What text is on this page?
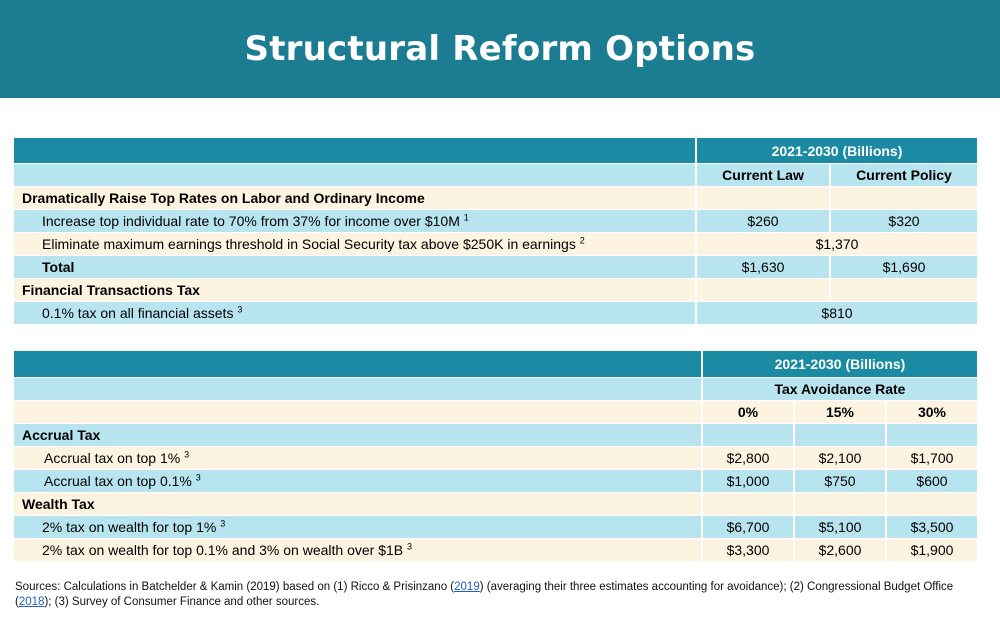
Structural Reform Options
	2021-2030 (Billions)	
	Current Law	Current Policy
Dramatically Raise Top Rates on Labor and Ordinary Income		
Increase top individual rate to 70% from 37% for income over $10M $^1$	$260	$320
Eliminate maximum earnings threshold in Social Security tax above $250K in earnings $^2$	$1,370	
Total	$1,630	$1,690
Financial Transactions Tax		
0.1% tax on all financial assets $^3$	$810	
	2021-2030 (Billions)		
	Tax Avoidance Rate		
	0%	15%	30%
Accrual Tax			
Accrual tax on top 1% $^3$	$2,800	$2,100	$1,700
Accrual tax on top 0.1% $^3$	$1,000	$750	$600
Wealth Tax			
2% tax on wealth for top 1% $^3$	$6,700	$5,100	$3,500
2% tax on wealth for top 0.1% and 3% on wealth over $1B $^3$	$3,300	$2,600	$1,900
Sources: Calculations in Batchelder & Kamin (2019) based on (1) Ricco & Prisinzano (2019) (averaging their three estimates accounting for avoidance); (2) Congressional Budget Office (2018); (3) Survey of Consumer Finance and other sources.
